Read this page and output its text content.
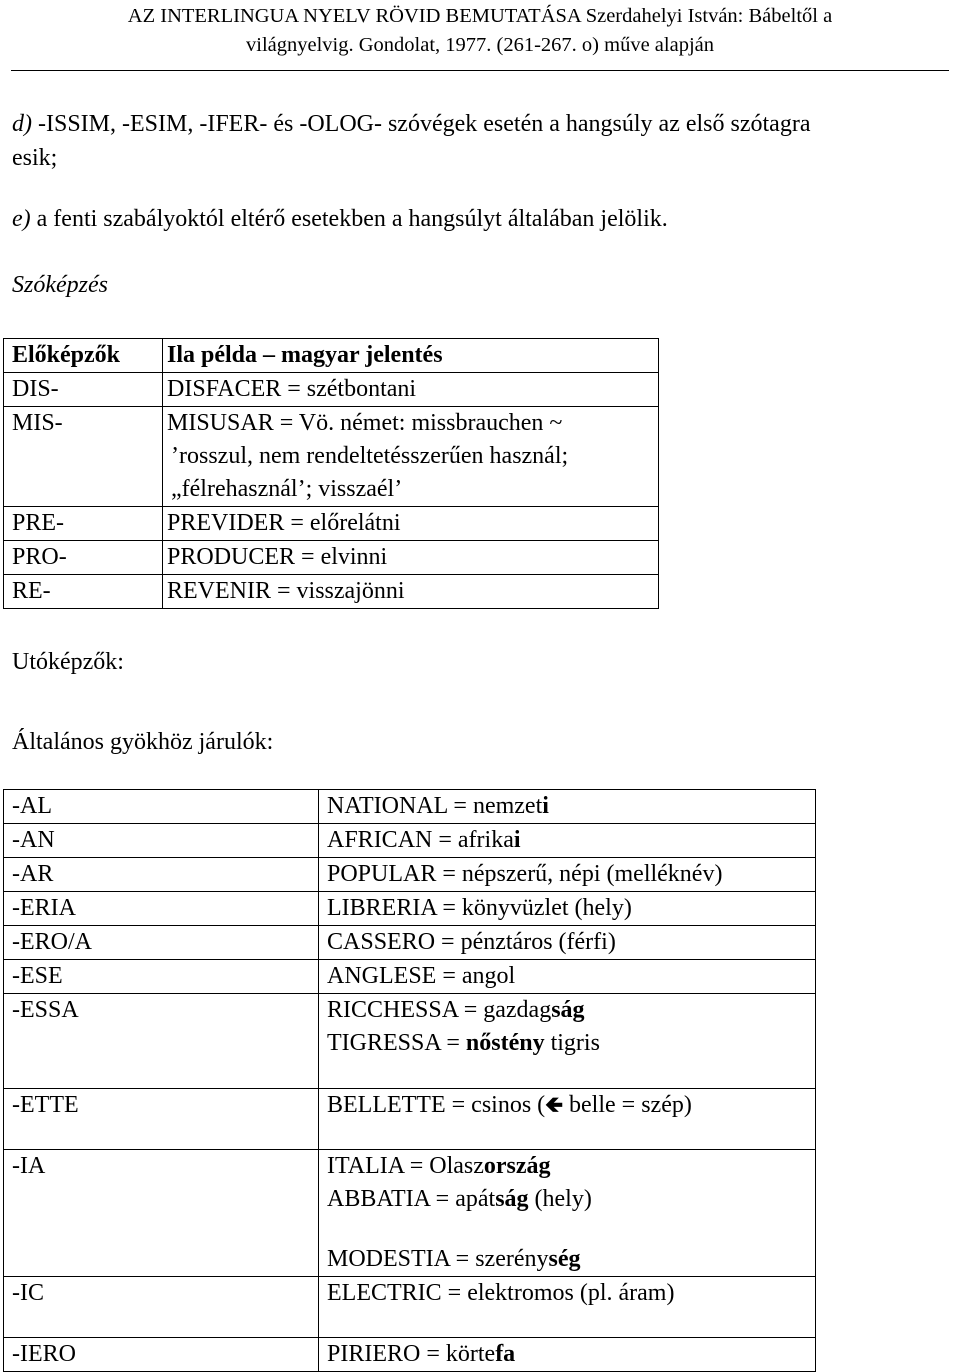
AZ INTERLINGUA NYELV RÖVID BEMUTATÁSA Szerdahelyi István: Bábeltől a
világnyelvig. Gondolat, 1977. (261-267. o) műve alapján
d) -ISSIM, -ESIM, -IFER- és -OLOG- szóvégek esetén a hangsúly az első szótagra
esik;
e) a fenti szabályoktól eltérő esetekben a hangsúlyt általában jelölik.
Szóképzés
Előképzők	Ila példa – magyar jelentés
DIS-	DISFACER = szétbontani
MIS-	MISUSAR = Vö. német: missbrauchen ~
’rosszul, nem rendeltetésszerűen használ;
„félrehasznál’; visszaél’
PRE-	PREVIDER = előrelátni
PRO-	PRODUCER = elvinni
RE-	REVENIR = visszajönni
Utóképzők:
Általános gyökhöz járulók:
-AL	NATIONAL = nemzeti
-AN	AFRICAN = afrikai
-AR	POPULAR = népszerű, népi (melléknév)
-ERIA	LIBRERIA = könyvüzlet (hely)
-ERO/A	CASSERO = pénztáros (férfi)
-ESE	ANGLESE = angol
-ESSA	RICCHESSA = gazdagság
TIGRESSA = nőstény tigris

-ETTE	BELLETTE = csinos (🡸 belle = szép)

-IA	ITALIA = Olaszország
ABBATIA = apátság (hely)
MODESTIA = szerénység
-IC	ELECTRIC = elektromos (pl. áram)

-IERO	PIRIERO = körtefa
